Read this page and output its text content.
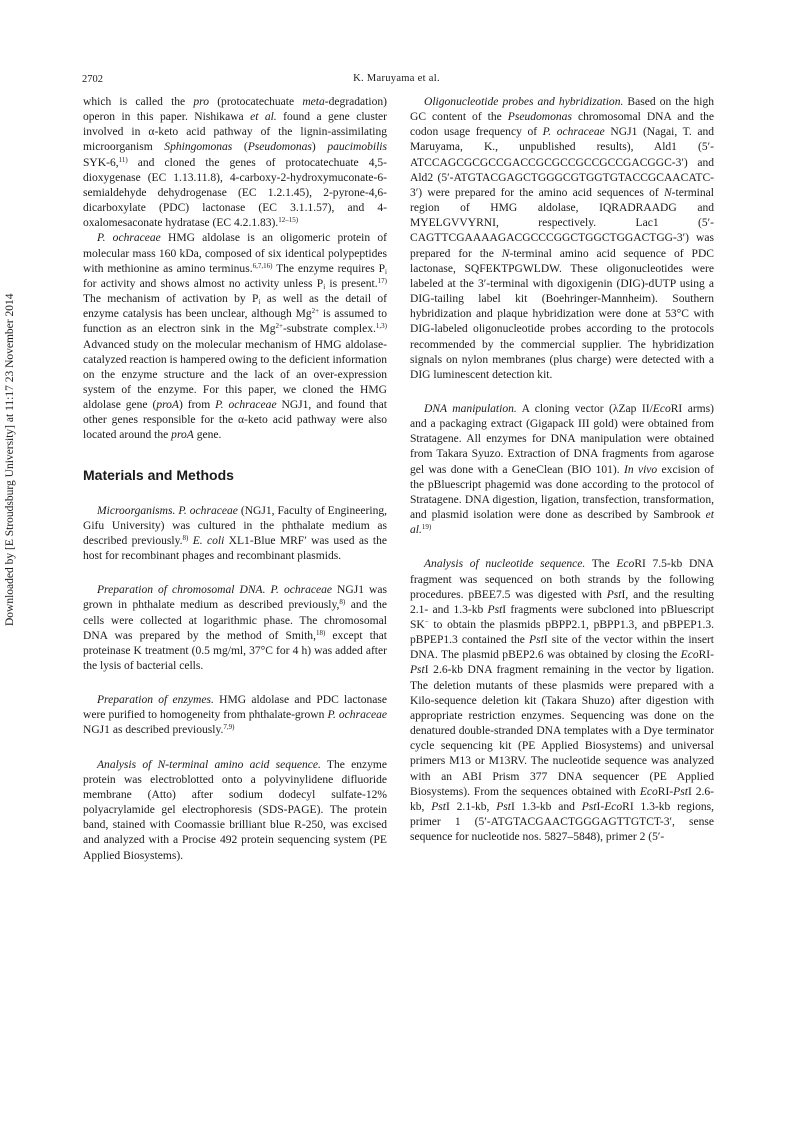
2702	K. Maruyama et al.
Downloaded by [E Stroudsburg University] at 11:17 23 November 2014

which is called the pro (protocatechuate meta-degradation) operon in this paper. Nishikawa et al. found a gene cluster involved in α-keto acid pathway of the lignin-assimilating microorganism Sphingomonas (Pseudomonas) paucimobilis SYK-6,$^{11)}$ and cloned the genes of protocatechuate 4,5-dioxygenase (EC 1.13.11.8), 4-carboxy-2-hydroxymuconate-6-semialdehyde dehydrogenase (EC 1.2.1.45), 2-pyrone-4,6-dicarboxylate (PDC) lactonase (EC 3.1.1.57), and 4-oxalomesaconate hydratase (EC 4.2.1.83).$^{12-15)}$

P. ochraceae HMG aldolase is an oligomeric protein of molecular mass 160 kDa, composed of six identical polypeptides with methionine as amino terminus.$^{6,7,16)}$ The enzyme requires $P_i$ for activity and shows almost no activity unless $P_i$ is present.$^{17)}$ The mechanism of activation by $P_i$ as well as the detail of enzyme catalysis has been unclear, although $Mg^{2+}$ is assumed to function as an electron sink in the $Mg^{2+}$-substrate complex.$^{1,3)}$ Advanced study on the molecular mechanism of HMG aldolase-catalyzed reaction is hampered owing to the deficient information on the enzyme structure and the lack of an over-expression system of the enzyme. For this paper, we cloned the HMG aldolase gene (proA) from P. ochraceae NGJ1, and found that other genes responsible for the α-keto acid pathway were also located around the proA gene.

Materials and Methods

Microorganisms. P. ochraceae (NGJ1, Faculty of Engineering, Gifu University) was cultured in the phthalate medium as described previously.$^{8)}$ E. coli XL1-Blue MRF′ was used as the host for recombinant phages and recombinant plasmids.

Preparation of chromosomal DNA. P. ochraceae NGJ1 was grown in phthalate medium as described previously,$^{8)}$ and the cells were collected at logarithmic phase. The chromosomal DNA was prepared by the method of Smith,$^{18)}$ except that proteinase K treatment (0.5 mg/ml, 37°C for 4 h) was added after the lysis of bacterial cells.

Preparation of enzymes. HMG aldolase and PDC lactonase were purified to homogeneity from phthalate-grown P. ochraceae NGJ1 as described previously.$^{7,9)}$

Analysis of N-terminal amino acid sequence. The enzyme protein was electroblotted onto a polyvinylidene difluoride membrane (Atto) after sodium dodecyl sulfate-12% polyacrylamide gel electrophoresis (SDS-PAGE). The protein band, stained with Coomassie brilliant blue R-250, was excised and analyzed with a Procise 492 protein sequencing system (PE Applied Biosystems).

Oligonucleotide probes and hybridization. Based on the high GC content of the Pseudomonas chromosomal DNA and the codon usage frequency of P. ochraceae NGJ1 (Nagai, T. and Maruyama, K., unpublished results), Ald1 (5′-ATCCAGCGCGCCGACCGCGCCGCCGCCGACGGC-3′) and Ald2 (5′-ATGTACGAGCTGGGCGTGGTGTACCGCAACATC-3′) were prepared for the amino acid sequences of N-terminal region of HMG aldolase, IQRADRAADG and MYELGVVYRNI, respectively. Lac1 (5′-CAGTTCGAAAAGACGCCCGGCTGGCTGGACTGG-3′) was prepared for the N-terminal amino acid sequence of PDC lactonase, SQFEKTPGWLDW. These oligonucleotides were labeled at the 3′-terminal with digoxigenin (DIG)-dUTP using a DIG-tailing label kit (Boehringer-Mannheim). Southern hybridization and plaque hybridization were done at 53°C with DIG-labeled oligonucleotide probes according to the protocols recommended by the commercial supplier. The hybridization signals on nylon membranes (plus charge) were detected with a DIG luminescent detection kit.

DNA manipulation. A cloning vector (λZap II/EcoRI arms) and a packaging extract (Gigapack III gold) were obtained from Stratagene. All enzymes for DNA manipulation were obtained from Takara Syuzo. Extraction of DNA fragments from agarose gel was done with a GeneClean (BIO 101). In vivo excision of the pBluescript phagemid was done according to the protocol of Stratagene. DNA digestion, ligation, transfection, transformation, and plasmid isolation were done as described by Sambrook et al.$^{19)}$

Analysis of nucleotide sequence. The EcoRI 7.5-kb DNA fragment was sequenced on both strands by the following procedures. pBEE7.5 was digested with PstI, and the resulting 2.1- and 1.3-kb PstI fragments were subcloned into pBluescript SK− to obtain the plasmids pBPP2.1, pBPP1.3, and pBPEP1.3. pBPEP1.3 contained the PstI site of the vector within the insert DNA. The plasmid pBEP2.6 was obtained by closing the EcoRI-PstI 2.6-kb DNA fragment remaining in the vector by ligation. The deletion mutants of these plasmids were prepared with a Kilo-sequence deletion kit (Takara Shuzo) after digestion with appropriate restriction enzymes. Sequencing was done on the denatured double-stranded DNA templates with a Dye terminator cycle sequencing kit (PE Applied Biosystems) and universal primers M13 or M13RV. The nucleotide sequence was analyzed with an ABI Prism 377 DNA sequencer (PE Applied Biosystems). From the sequences obtained with EcoRI-PstI 2.6-kb, PstI 2.1-kb, PstI 1.3-kb and PstI-EcoRI 1.3-kb regions, primer 1 (5′-ATGTACGAACTGGGAGTTGTCT-3′, sense sequence for nucleotide nos. 5827–5848), primer 2 (5′-
